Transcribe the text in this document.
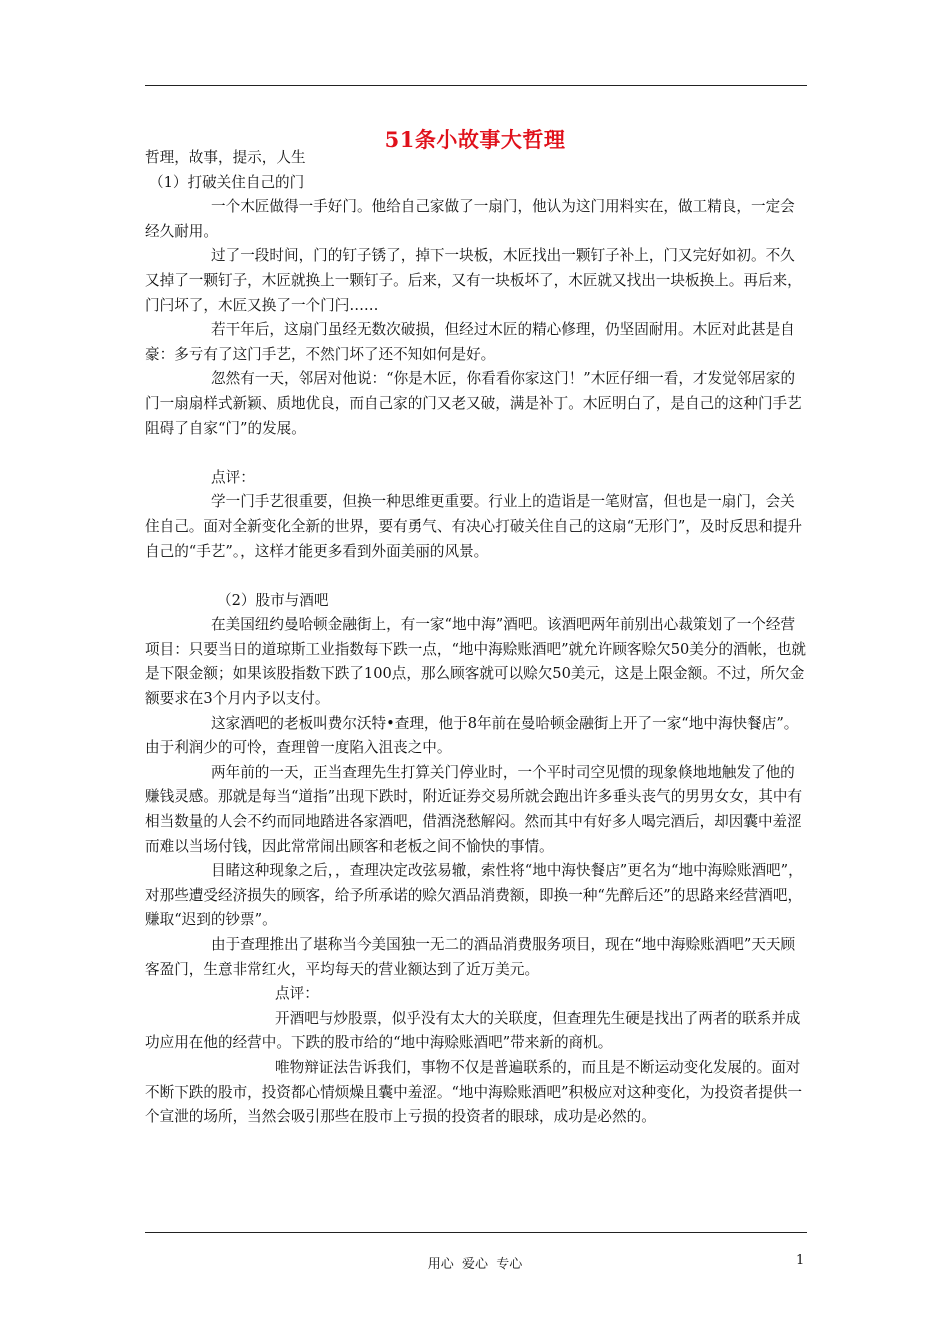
51条小故事大哲理

哲理，故事，提示，人生

（1）打破关住自己的门

一个木匠做得一手好门。他给自己家做了一扇门，他认为这门用料实在，做工精良，一定会经久耐用。

过了一段时间，门的钉子锈了，掉下一块板，木匠找出一颗钉子补上，门又完好如初。不久又掉了一颗钉子，木匠就换上一颗钉子。后来，又有一块板坏了，木匠就又找出一块板换上。再后来，门闩坏了，木匠又换了一个门闩……

若干年后，这扇门虽经无数次破损，但经过木匠的精心修理，仍坚固耐用。木匠对此甚是自豪：多亏有了这门手艺，不然门坏了还不知如何是好。

忽然有一天，邻居对他说：“你是木匠，你看看你家这门！”木匠仔细一看，才发觉邻居家的门一扇扇样式新颖、质地优良，而自己家的门又老又破，满是补丁。木匠明白了，是自己的这种门手艺阻碍了自家“门”的发展。

点评：

学一门手艺很重要，但换一种思维更重要。行业上的造诣是一笔财富，但也是一扇门，会关住自己。面对全新变化全新的世界，要有勇气、有决心打破关住自己的这扇“无形门”，及时反思和提升自己的“手艺”。，这样才能更多看到外面美丽的风景。

（2）股市与酒吧

在美国纽约曼哈顿金融街上，有一家“地中海”酒吧。该酒吧两年前别出心裁策划了一个经营项目：只要当日的道琼斯工业指数每下跌一点，“地中海赊账酒吧”就允许顾客赊欠50美分的酒帐，也就是下限金额；如果该股指数下跌了100点，那么顾客就可以赊欠50美元，这是上限金额。不过，所欠金额要求在3个月内予以支付。

这家酒吧的老板叫费尔沃特•查理，他于8年前在曼哈顿金融街上开了一家“地中海快餐店”。由于利润少的可怜，查理曾一度陷入沮丧之中。

两年前的一天，正当查理先生打算关门停业时，一个平时司空见惯的现象倏地地触发了他的赚钱灵感。那就是每当“道指”出现下跌时，附近证券交易所就会跑出许多垂头丧气的男男女女，其中有相当数量的人会不约而同地踏进各家酒吧，借酒浇愁解闷。然而其中有好多人喝完酒后，却因囊中羞涩而难以当场付钱，因此常常闹出顾客和老板之间不愉快的事情。

目睹这种现象之后，，查理决定改弦易辙，索性将“地中海快餐店”更名为“地中海赊账酒吧”，对那些遭受经济损失的顾客，给予所承诺的赊欠酒品消费额，即换一种“先醉后还”的思路来经营酒吧，赚取“迟到的钞票”。

由于查理推出了堪称当今美国独一无二的酒品消费服务项目，现在“地中海赊账酒吧”天天顾客盈门，生意非常红火，平均每天的营业额达到了近万美元。

点评：

开酒吧与炒股票，似乎没有太大的关联度，但查理先生硬是找出了两者的联系并成功应用在他的经营中。下跌的股市给的“地中海赊账酒吧”带来新的商机。

唯物辩证法告诉我们，事物不仅是普遍联系的，而且是不断运动变化发展的。面对不断下跌的股市，投资都心情烦燥且囊中羞涩。“地中海赊账酒吧”积极应对这种变化，为投资者提供一个宣泄的场所，当然会吸引那些在股市上亏损的投资者的眼球，成功是必然的。

用心  爱心  专心	1
